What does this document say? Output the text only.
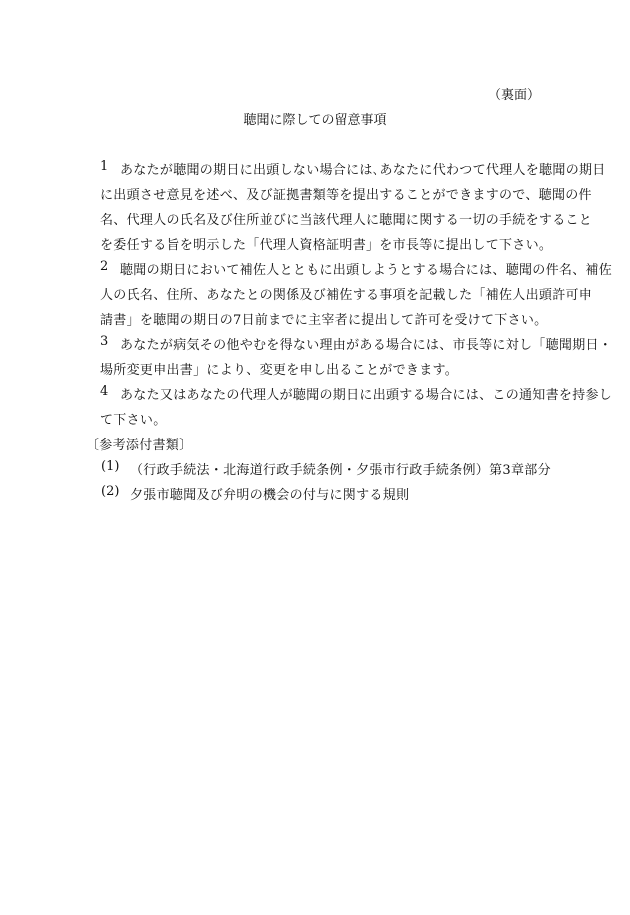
（裏面）
聴聞に際しての留意事項
1 あなたが聴聞の期日に出頭しない場合には､あなたに代わつて代理人を聴聞の期日
に出頭させ意見を述べ、及び証拠書類等を提出することができますので、聴聞の件
名、代理人の氏名及び住所並びに当該代理人に聴聞に関する一切の手続をすること
を委任する旨を明示した「代理人資格証明書」を市長等に提出して下さい。
2 聴聞の期日において補佐人とともに出頭しようとする場合には、聴聞の件名、補佐
人の氏名、住所、あなたとの関係及び補佐する事項を記載した「補佐人出頭許可申
請書」を聴聞の期日の7日前までに主宰者に提出して許可を受けて下さい。
3 あなたが病気その他やむを得ない理由がある場合には、市長等に対し「聴聞期日・
場所変更申出書」により、変更を申し出ることができます。
4 あなた又はあなたの代理人が聴聞の期日に出頭する場合には、この通知書を持参し
て下さい。
〔参考添付書類〕
(1) （行政手続法・北海道行政手続条例・夕張市行政手続条例）第3章部分
(2) 夕張市聴聞及び弁明の機会の付与に関する規則
